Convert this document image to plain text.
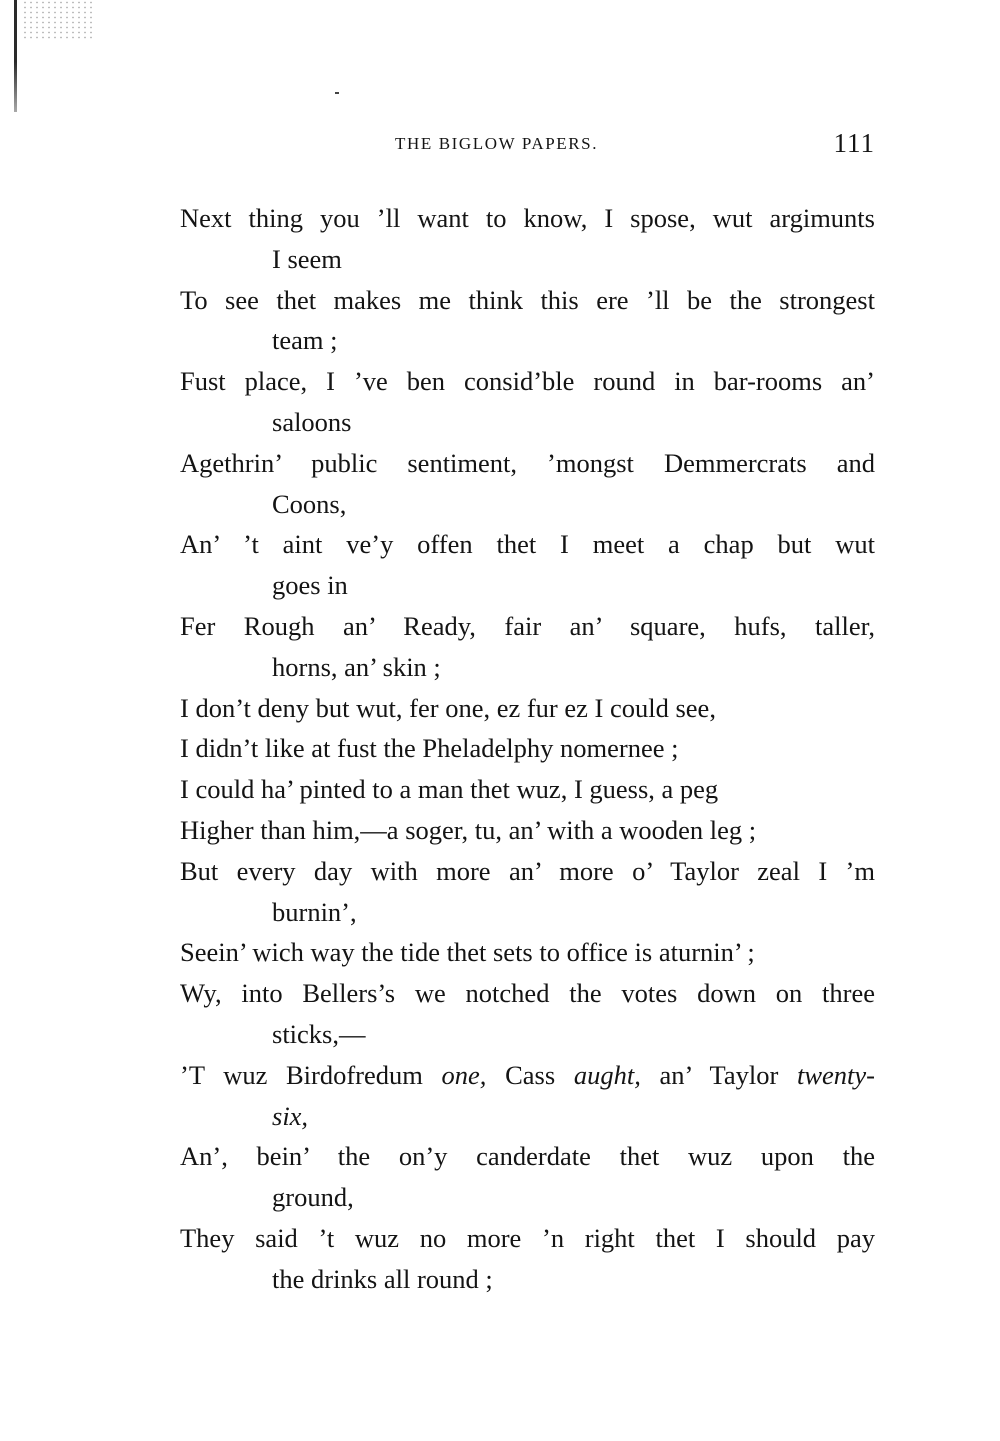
THE BIGLOW PAPERS.	111
Next thing you ’ll want to know, I spose, wut argimunts
I seem
To see thet makes me think this ere ’ll be the strongest
team ;
Fust place, I ’ve ben consid’ble round in bar-rooms an’
saloons
Agethrin’ public sentiment, ’mongst Demmercrats and
Coons,
An’ ’t aint ve’y offen thet I meet a chap but wut
goes in
Fer Rough an’ Ready, fair an’ square, hufs, taller,
horns, an’ skin ;
I don’t deny but wut, fer one, ez fur ez I could see,
I didn’t like at fust the Pheladelphy nomernee ;
I could ha’ pinted to a man thet wuz, I guess, a peg
Higher than him,—a soger, tu, an’ with a wooden leg ;
But every day with more an’ more o’ Taylor zeal I ’m
burnin’,
Seein’ wich way the tide thet sets to office is aturnin’ ;
Wy, into Bellers’s we notched the votes down on three
sticks,—
’T wuz Birdofredum one, Cass aught, an’ Taylor twenty-
six,
An’, bein’ the on’y canderdate thet wuz upon the
ground,
They said ’t wuz no more ’n right thet I should pay
the drinks all round ;
